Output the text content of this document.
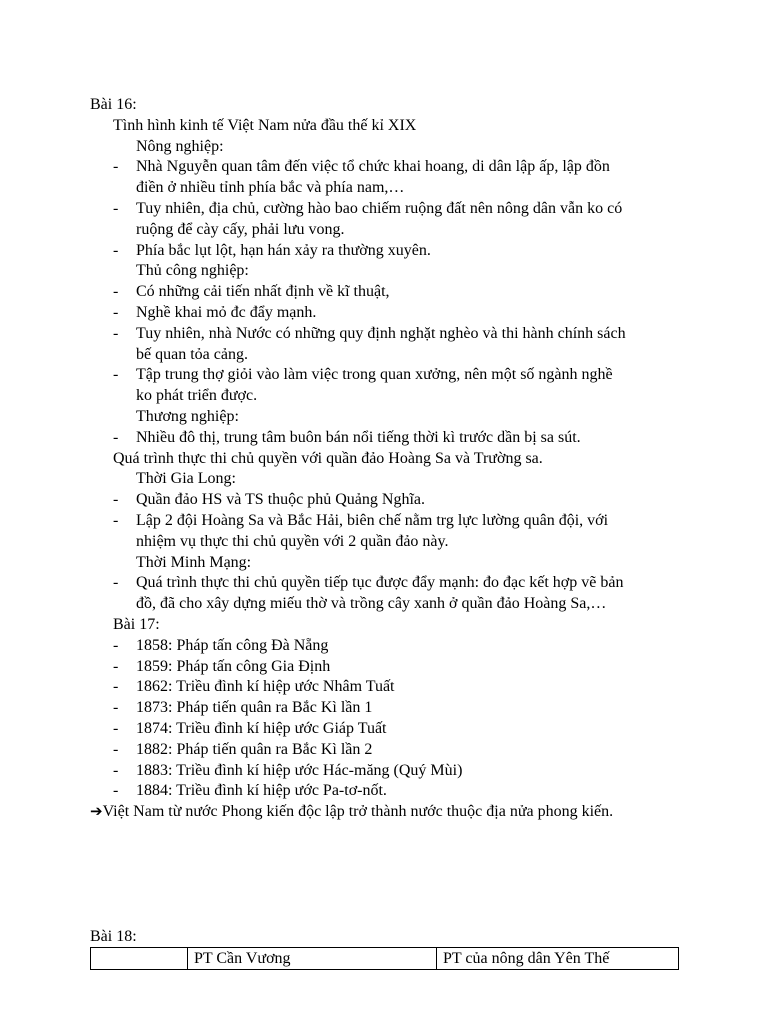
Bài 16:
Tình hình kinh tế Việt Nam nửa đầu thế kỉ XIX
Nông nghiệp:
- Nhà Nguyễn quan tâm đến việc tổ chức khai hoang, di dân lập ấp, lập đồn
điền ở nhiều tỉnh phía bắc và phía nam,…
- Tuy nhiên, địa chủ, cường hào bao chiếm ruộng đất nên nông dân vẫn ko có
ruộng để cày cấy, phải lưu vong.
- Phía bắc lụt lột, hạn hán xảy ra thường xuyên.
Thủ công nghiệp:
- Có những cải tiến nhất định về kĩ thuật,
- Nghề khai mỏ đc đẩy mạnh.
- Tuy nhiên, nhà Nước có những quy định nghặt nghèo và thi hành chính sách
bế quan tỏa cảng.
- Tập trung thợ giỏi vào làm việc trong quan xưởng, nên một số ngành nghề
ko phát triển được.
Thương nghiệp:
- Nhiều đô thị, trung tâm buôn bán nổi tiếng thời kì trước dần bị sa sút.
Quá trình thực thi chủ quyền với quần đảo Hoàng Sa và Trường sa.
Thời Gia Long:
- Quần đảo HS và TS thuộc phủ Quảng Nghĩa.
- Lập 2 đội Hoàng Sa và Bắc Hải, biên chế nằm trg lực lường quân đội, với
nhiệm vụ thực thi chủ quyền với 2 quần đảo này.
Thời Minh Mạng:
- Quá trình thực thi chủ quyền tiếp tục được đẩy mạnh: đo đạc kết hợp vẽ bản
đồ, đã cho xây dựng miếu thờ và trồng cây xanh ở quần đảo Hoàng Sa,…
Bài 17:
- 1858: Pháp tấn công Đà Nẵng
- 1859: Pháp tấn công Gia Định
- 1862: Triều đình kí hiệp ước Nhâm Tuất
- 1873: Pháp tiến quân ra Bắc Kì lần 1
- 1874: Triều đình kí hiệp ước Giáp Tuất
- 1882: Pháp tiến quân ra Bắc Kì lần 2
- 1883: Triều đình kí hiệp ước Hác-măng (Quý Mùi)
- 1884: Triều đình kí hiệp ước Pa-tơ-nốt.
➔Việt Nam từ nước Phong kiến độc lập trở thành nước thuộc địa nửa phong kiến.
Bài 18:
	PT Cần Vương	PT của nông dân Yên Thế
